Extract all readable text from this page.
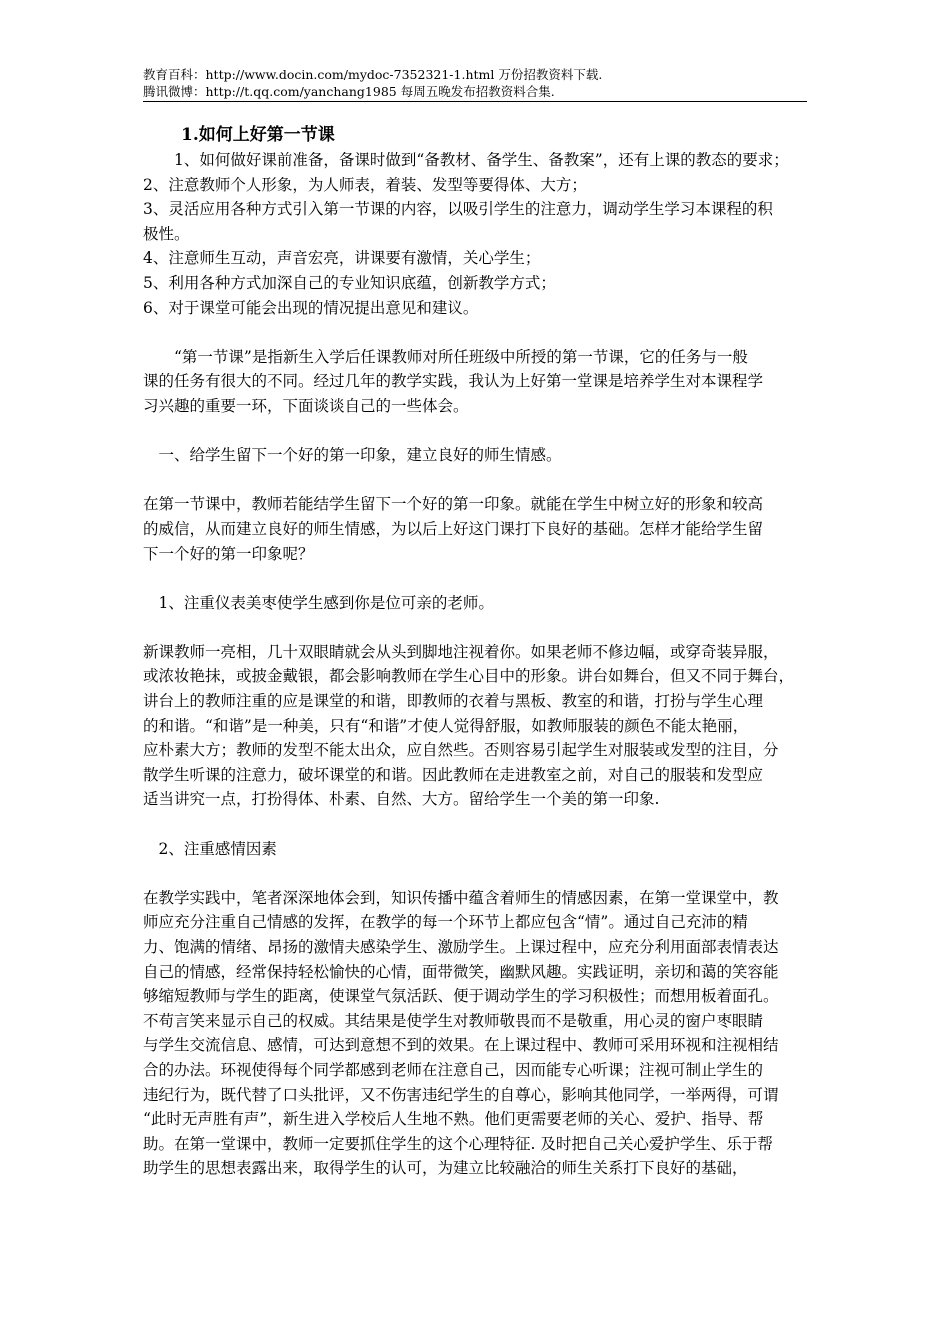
教育百科：http://www.docin.com/mydoc-7352321-1.html 万份招教资料下载.
腾讯微博：http://t.qq.com/yanchang1985 每周五晚发布招教资料合集.
1.如何上好第一节课
　　1、如何做好课前准备，备课时做到“备教材、备学生、备教案”，还有上课的教态的要求；
2、注意教师个人形象，为人师表，着装、发型等要得体、大方；
3、灵活应用各种方式引入第一节课的内容，以吸引学生的注意力，调动学生学习本课程的积
极性。
4、注意师生互动，声音宏亮，讲课要有激情，关心学生；
5、利用各种方式加深自己的专业知识底蕴，创新教学方式；
6、对于课堂可能会出现的情况提出意见和建议。
　　“第一节课”是指新生入学后任课教师对所任班级中所授的第一节课，它的任务与一般
课的任务有很大的不同。经过几年的教学实践，我认为上好第一堂课是培养学生对本课程学
习兴趣的重要一环，下面谈谈自己的一些体会。
　一、给学生留下一个好的第一印象，建立良好的师生情感。
在第一节课中，教师若能结学生留下一个好的第一印象。就能在学生中树立好的形象和较高
的威信，从而建立良好的师生情感，为以后上好这门课打下良好的基础。怎样才能给学生留
下一个好的第一印象呢？
　1、注重仪表美枣使学生感到你是位可亲的老师。
新课教师一亮相，几十双眼睛就会从头到脚地注视着你。如果老师不修边幅，或穿奇装异服，
或浓妆艳抹，或披金戴银，都会影响教师在学生心目中的形象。讲台如舞台，但又不同于舞台，
讲台上的教师注重的应是课堂的和谐，即教师的衣着与黑板、教室的和谐，打扮与学生心理
的和谐。“和谐”是一种美，只有“和谐”才使人觉得舒服，如教师服装的颜色不能太艳丽，
应朴素大方；教师的发型不能太出众，应自然些。否则容易引起学生对服装或发型的注目，分
散学生听课的注意力，破坏课堂的和谐。因此教师在走进教室之前，对自己的服装和发型应
适当讲究一点，打扮得体、朴素、自然、大方。留给学生一个美的第一印象.
　2、注重感情因素
在教学实践中，笔者深深地体会到，知识传播中蕴含着师生的情感因素，在第一堂课堂中，教
师应充分注重自己情感的发挥，在教学的每一个环节上都应包含“情”。通过自己充沛的精
力、饱满的情绪、昂扬的激情夫感染学生、激励学生。上课过程中，应充分利用面部表情表达
自己的情感，经常保持轻松愉快的心情，面带微笑，幽默风趣。实践证明，亲切和蔼的笑容能
够缩短教师与学生的距离，使课堂气氛活跃、便于调动学生的学习积极性；而想用板着面孔。
不苟言笑来显示自己的权威。其结果是使学生对教师敬畏而不是敬重，用心灵的窗户枣眼睛
与学生交流信息、感情，可达到意想不到的效果。在上课过程中、教师可采用环视和注视相结
合的办法。环视使得每个同学都感到老师在注意自己，因而能专心听课；注视可制止学生的
违纪行为，既代替了口头批评，又不伤害违纪学生的自尊心，影响其他同学，一举两得，可谓
“此时无声胜有声”，新生进入学校后人生地不熟。他们更需要老师的关心、爱护、指导、帮
助。在第一堂课中，教师一定要抓住学生的这个心理特征. 及时把自己关心爱护学生、乐于帮
助学生的思想表露出来，取得学生的认可，为建立比较融洽的师生关系打下良好的基础，
